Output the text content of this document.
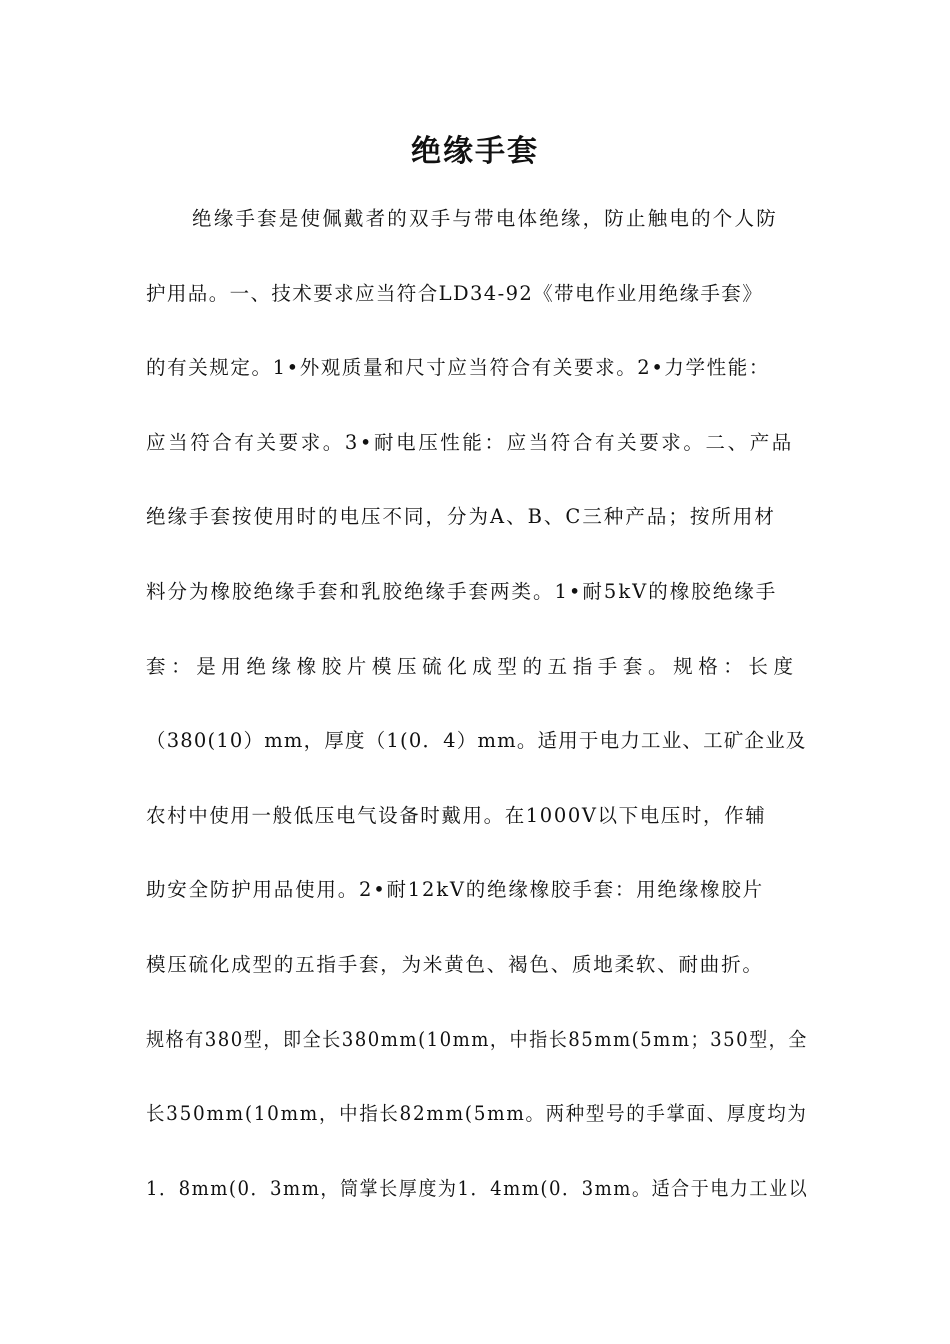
绝缘手套
绝缘手套是使佩戴者的双手与带电体绝缘，防止触电的个人防
护用品。一、技术要求应当符合LD34-92《带电作业用绝缘手套》
的有关规定。1•外观质量和尺寸应当符合有关要求。2•力学性能：
应当符合有关要求。3•耐电压性能：应当符合有关要求。二、产品
绝缘手套按使用时的电压不同，分为A、B、C三种产品；按所用材
料分为橡胶绝缘手套和乳胶绝缘手套两类。1•耐5kV的橡胶绝缘手
套：是用绝缘橡胶片模压硫化成型的五指手套。规格：长度
（380(10）mm，厚度（1(0．4）mm。适用于电力工业、工矿企业及
农村中使用一般低压电气设备时戴用。在1000V以下电压时，作辅
助安全防护用品使用。2•耐12kV的绝缘橡胶手套：用绝缘橡胶片
模压硫化成型的五指手套，为米黄色、褐色、质地柔软、耐曲折。
规格有380型，即全长380mm(10mm，中指长85mm(5mm；350型，全
长350mm(10mm，中指长82mm(5mm。两种型号的手掌面、厚度均为
1．8mm(0．3mm，筒掌长厚度为1．4mm(0．3mm。适合于电力工业以
